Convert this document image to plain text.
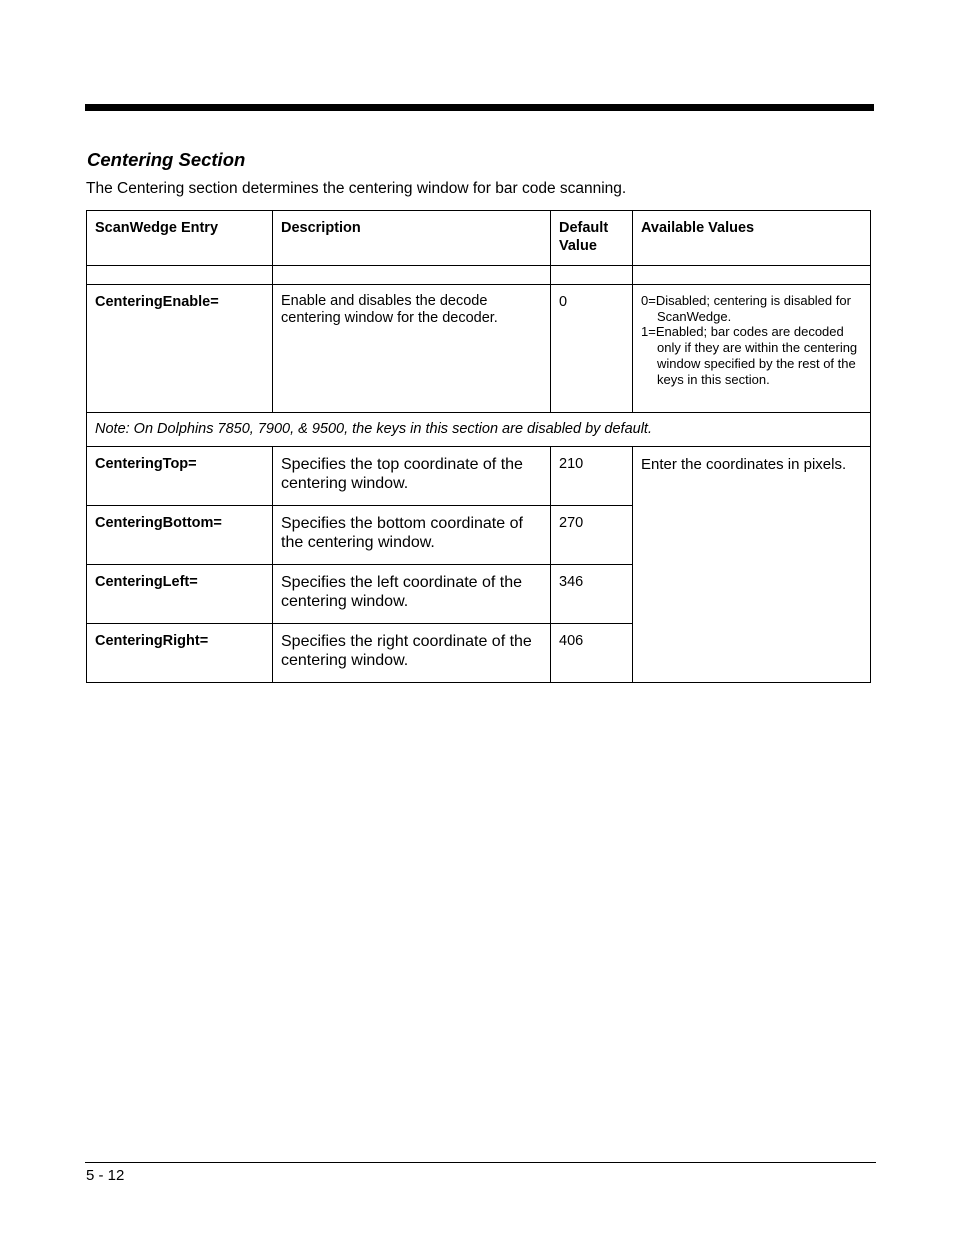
Centering Section

The Centering section determines the centering window for bar code scanning.

ScanWedge Entry	Description	Default Value	Available Values

CenteringEnable=	Enable and disables the decode centering window for the decoder.	0	0=Disabled; centering is disabled for ScanWedge.
1=Enabled; bar codes are decoded only if they are within the centering window specified by the rest of the keys in this section.

Note: On Dolphins 7850, 7900, & 9500, the keys in this section are disabled by default.			
CenteringTop=	Specifies the top coordinate of the centering window.	210	Enter the coordinates in pixels.
CenteringBottom=	Specifies the bottom coordinate of the centering window.	270	
CenteringLeft=	Specifies the left coordinate of the centering window.	346	
CenteringRight=	Specifies the right coordinate of the centering window.	406	
5 - 12
